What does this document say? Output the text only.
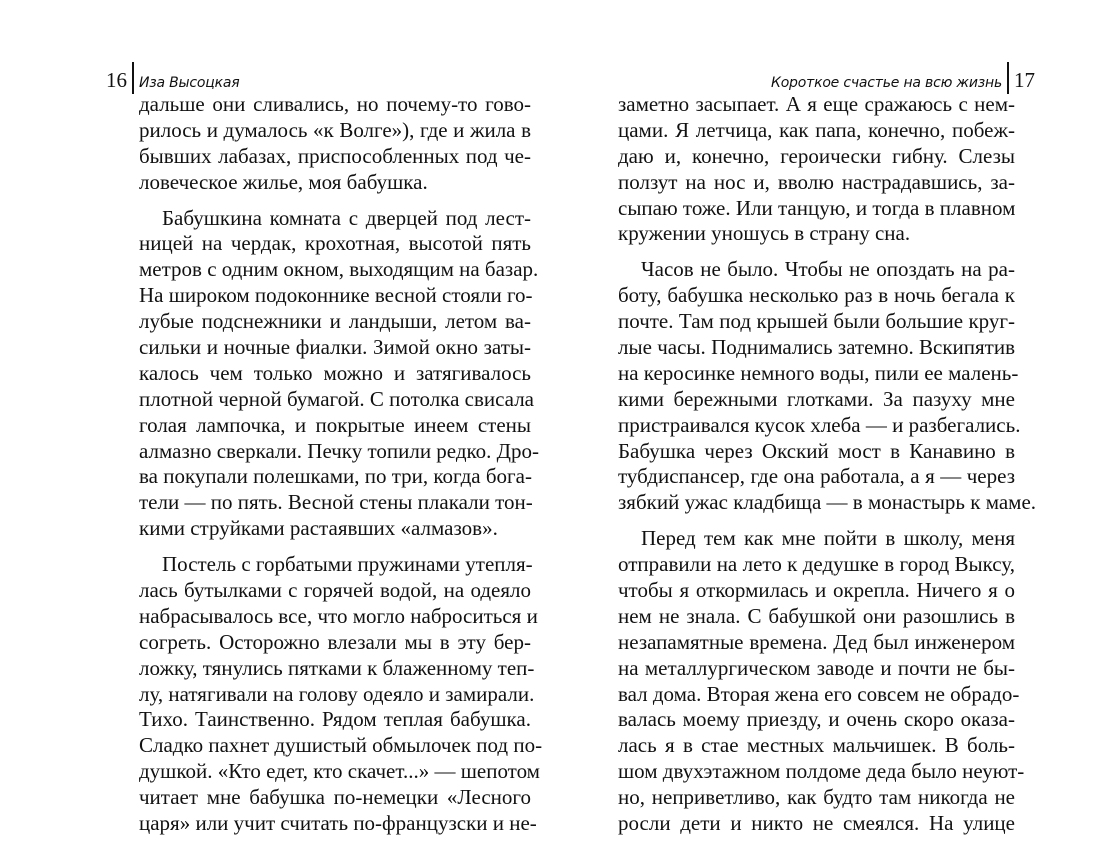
16 Иза Высоцкая
дальше они сливались, но почему-то гово-
рилось и думалось «к Волге»), где и жила в
бывших лабазах, приспособленных под че-
ловеческое жилье, моя бабушка.
Бабушкина комната с дверцей под лест-
ницей на чердак, крохотная, высотой пять
метров с одним окном, выходящим на базар.
На широком подоконнике весной стояли го-
лубые подснежники и ландыши, летом ва-
сильки и ночные фиалки. Зимой окно заты-
калось чем только можно и затягивалось
плотной черной бумагой. С потолка свисала
голая лампочка, и покрытые инеем стены
алмазно сверкали. Печку топили редко. Дро-
ва покупали полешками, по три, когда бога-
тели — по пять. Весной стены плакали тон-
кими струйками растаявших «алмазов».
Постель с горбатыми пружинами утепля-
лась бутылками с горячей водой, на одеяло
набрасывалось все, что могло наброситься и
согреть. Осторожно влезали мы в эту бер-
ложку, тянулись пятками к блаженному теп-
лу, натягивали на голову одеяло и замирали.
Тихо. Таинственно. Рядом теплая бабушка.
Сладко пахнет душистый обмылочек под по-
душкой. «Кто едет, кто скачет...» — шепотом
читает мне бабушка по-немецки «Лесного
царя» или учит считать по-французски и не-
Короткое счастье на всю жизнь 17
заметно засыпает. А я еще сражаюсь с нем-
цами. Я летчица, как папа, конечно, побеж-
даю и, конечно, героически гибну. Слезы
ползут на нос и, вволю настрадавшись, за-
сыпаю тоже. Или танцую, и тогда в плавном
кружении уношусь в страну сна.
Часов не было. Чтобы не опоздать на ра-
боту, бабушка несколько раз в ночь бегала к
почте. Там под крышей были большие круг-
лые часы. Поднимались затемно. Вскипятив
на керосинке немного воды, пили ее малень-
кими бережными глотками. За пазуху мне
пристраивался кусок хлеба — и разбегались.
Бабушка через Окский мост в Канавино в
тубдиспансер, где она работала, а я — через
зябкий ужас кладбища — в монастырь к маме.
Перед тем как мне пойти в школу, меня
отправили на лето к дедушке в город Выксу,
чтобы я откормилась и окрепла. Ничего я о
нем не знала. С бабушкой они разошлись в
незапамятные времена. Дед был инженером
на металлургическом заводе и почти не бы-
вал дома. Вторая жена его совсем не обрадо-
валась моему приезду, и очень скоро оказа-
лась я в стае местных мальчишек. В боль-
шом двухэтажном полдоме деда было неуют-
но, неприветливо, как будто там никогда не
росли дети и никто не смеялся. На улице
